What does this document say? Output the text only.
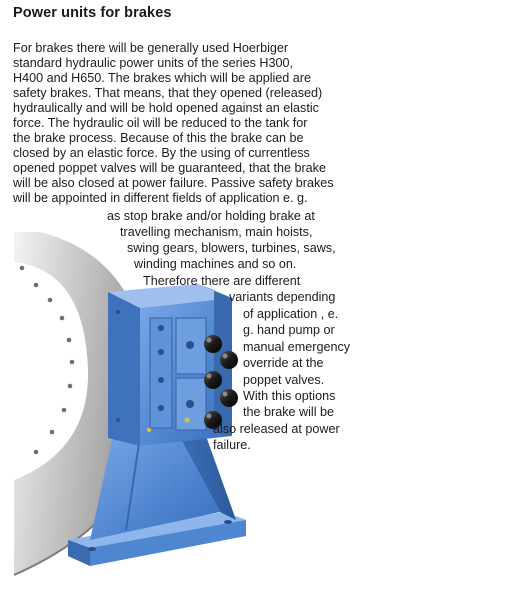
Power units for brakes
For brakes there will be generally used Hoerbiger
standard hydraulic power units of the series H300,
H400 and H650. The brakes which will be applied are
safety brakes. That means, that they opened (released)
hydraulically and will be hold opened against an elastic
force. The hydraulic oil will be reduced to the tank for
the brake process. Because of this the brake can be
closed by an elastic force. By the using of currentless
opened poppet valves will be guaranteed, that the brake
will be also closed at power failure. Passive safety brakes
will be appointed in different fields of application e. g.
as stop brake and/or holding brake at
travelling mechanism, main hoists,
swing gears, blowers, turbines, saws,
winding machines and so on.
Therefore there are different
variants depending
of application , e.
g. hand pump or
manual emergency
override at the
poppet valves.
With this options
the brake will be
also released at power
failure.
